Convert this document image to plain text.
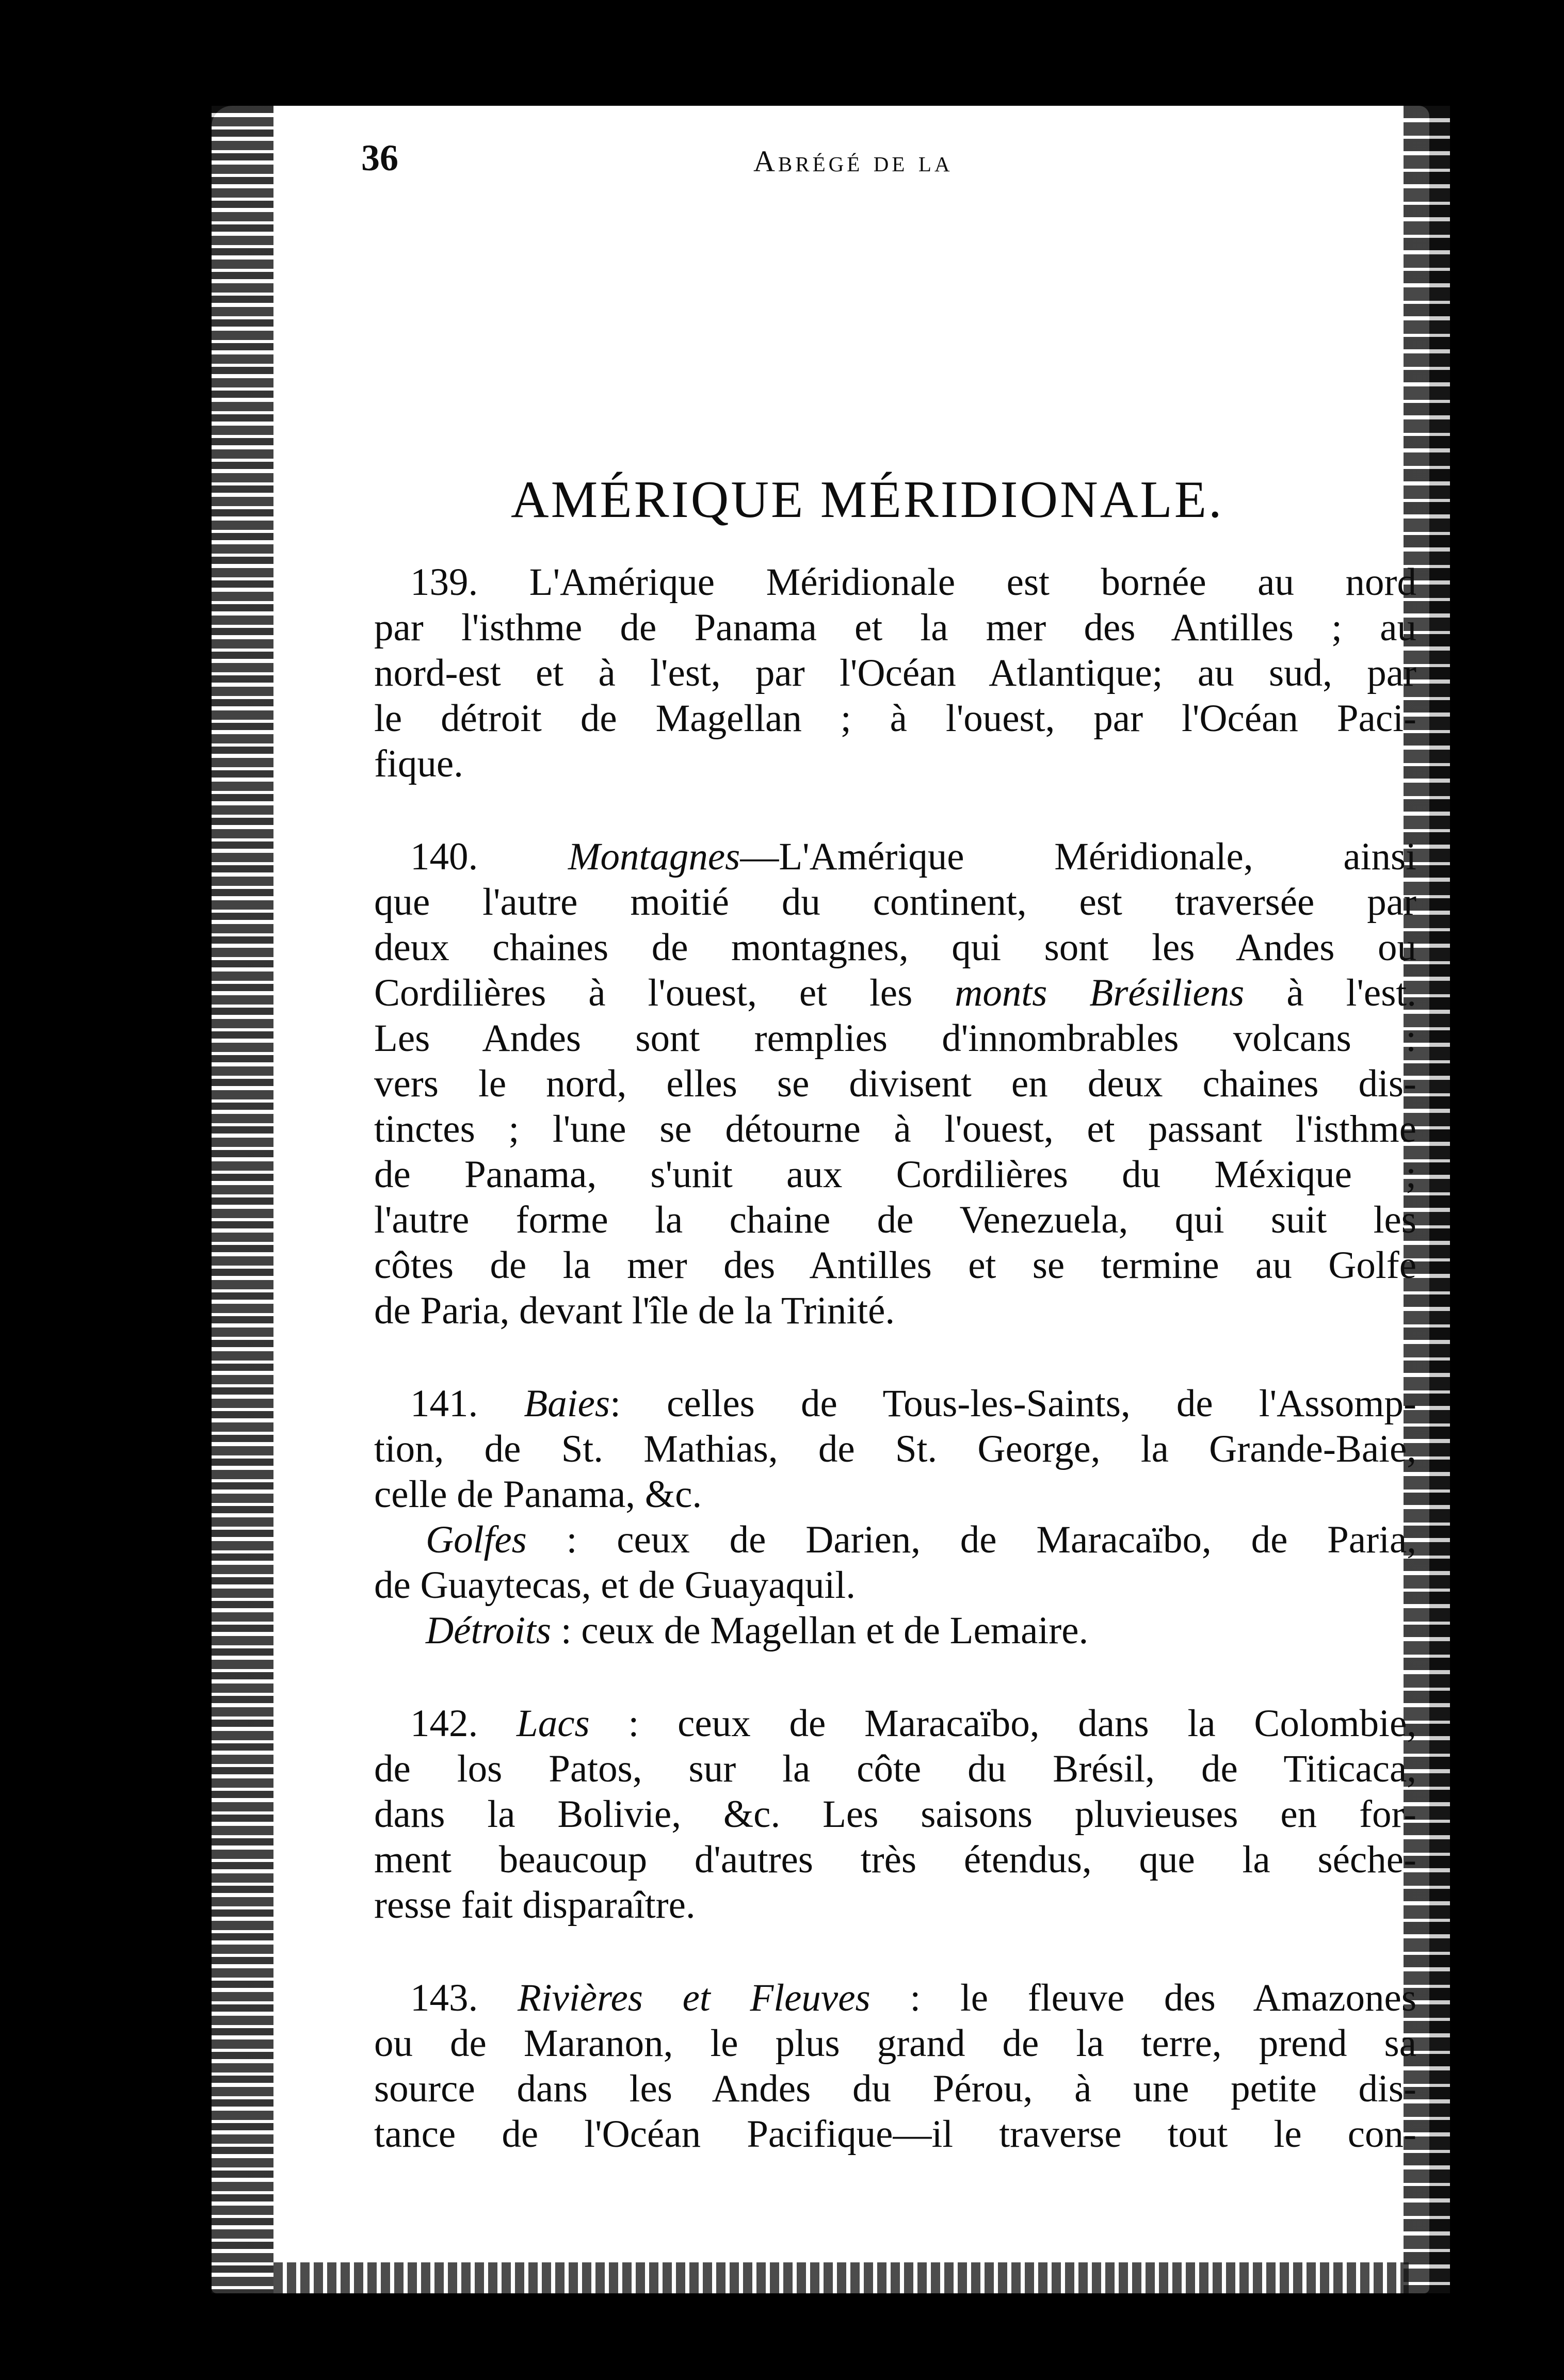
36	Abrégé de la
AMÉRIQUE MÉRIDIONALE.
139. L'Amérique Méridionale est bornée au nord
par l'isthme de Panama et la mer des Antilles ; au
nord-est et à l'est, par l'Océan Atlantique; au sud, par
le détroit de Magellan ; à l'ouest, par l'Océan Paci-
fique.
140. Montagnes—L'Amérique Méridionale, ainsi
que l'autre moitié du continent, est traversée par
deux chaines de montagnes, qui sont les Andes ou
Cordilières à l'ouest, et les monts Brésiliens à l'est.
Les Andes sont remplies d'innombrables volcans :
vers le nord, elles se divisent en deux chaines dis-
tinctes ; l'une se détourne à l'ouest, et passant l'isthme
de Panama, s'unit aux Cordilières du Méxique ;
l'autre forme la chaine de Venezuela, qui suit les
côtes de la mer des Antilles et se termine au Golfe
de Paria, devant l'île de la Trinité.
141. Baies: celles de Tous-les-Saints, de l'Assomp-
tion, de St. Mathias, de St. George, la Grande-Baie,
celle de Panama, &c.
Golfes : ceux de Darien, de Maracaïbo, de Paria,
de Guaytecas, et de Guayaquil.
Détroits : ceux de Magellan et de Lemaire.
142. Lacs : ceux de Maracaïbo, dans la Colombie,
de los Patos, sur la côte du Brésil, de Titicaca,
dans la Bolivie, &c. Les saisons pluvieuses en for-
ment beaucoup d'autres très étendus, que la séche-
resse fait disparaître.
143. Rivières et Fleuves : le fleuve des Amazones
ou de Maranon, le plus grand de la terre, prend sa
source dans les Andes du Pérou, à une petite dis-
tance de l'Océan Pacifique—il traverse tout le con-
